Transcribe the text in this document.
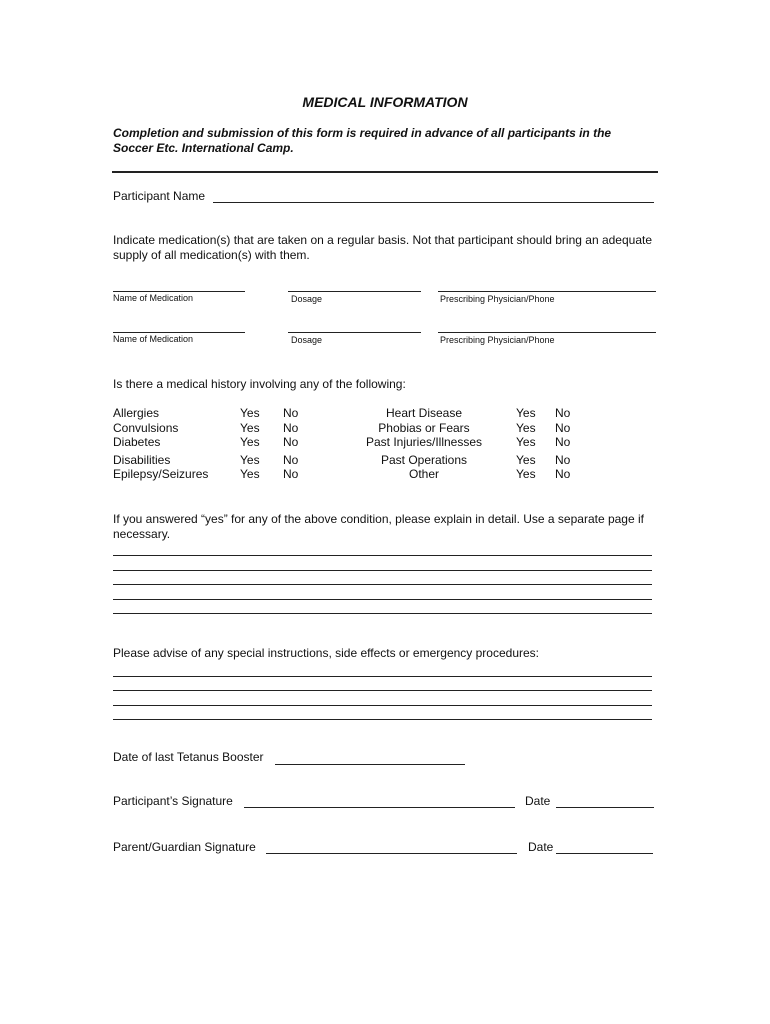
MEDICAL INFORMATION
Completion and submission of this form is required in advance of all participants in the Soccer Etc. International Camp.
Participant Name
Indicate medication(s) that are taken on a regular basis. Not that participant should bring an adequate supply of all medication(s) with them.
Name of Medication	Dosage	Prescribing Physician/Phone
Name of Medication	Dosage	Prescribing Physician/Phone
Is there a medical history involving any of the following:
Allergies	Yes No	Heart Disease	Yes No
Convulsions	Yes No	Phobias or Fears	Yes No
Diabetes	Yes No	Past Injuries/Illnesses	Yes No
Disabilities	Yes No	Past Operations	Yes No
Epilepsy/Seizures	Yes No	Other	Yes No
If you answered “yes” for any of the above condition, please explain in detail. Use a separate page if necessary.
Please advise of any special instructions, side effects or emergency procedures:
Date of last Tetanus Booster
Participant’s Signature	Date
Parent/Guardian Signature	Date
